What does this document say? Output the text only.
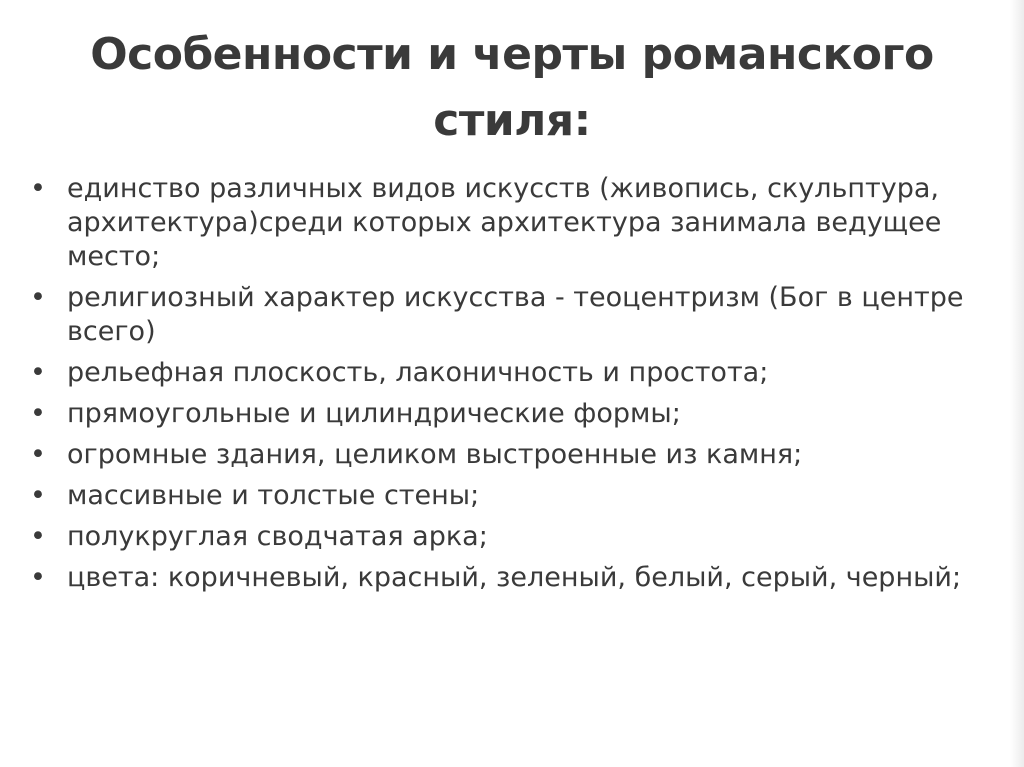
Особенности и черты романского стиля:
• единство различных видов искусств (живопись, скульптура, архитектура)среди которых архитектура занимала ведущее место;
• религиозный характер искусства - теоцентризм (Бог в центре всего)
• рельефная плоскость, лаконичность и простота;
• прямоугольные и цилиндрические формы;
• огромные здания, целиком выстроенные из камня;
• массивные и толстые стены;
• полукруглая сводчатая арка;
• цвета: коричневый, красный, зеленый, белый, серый, черный;
